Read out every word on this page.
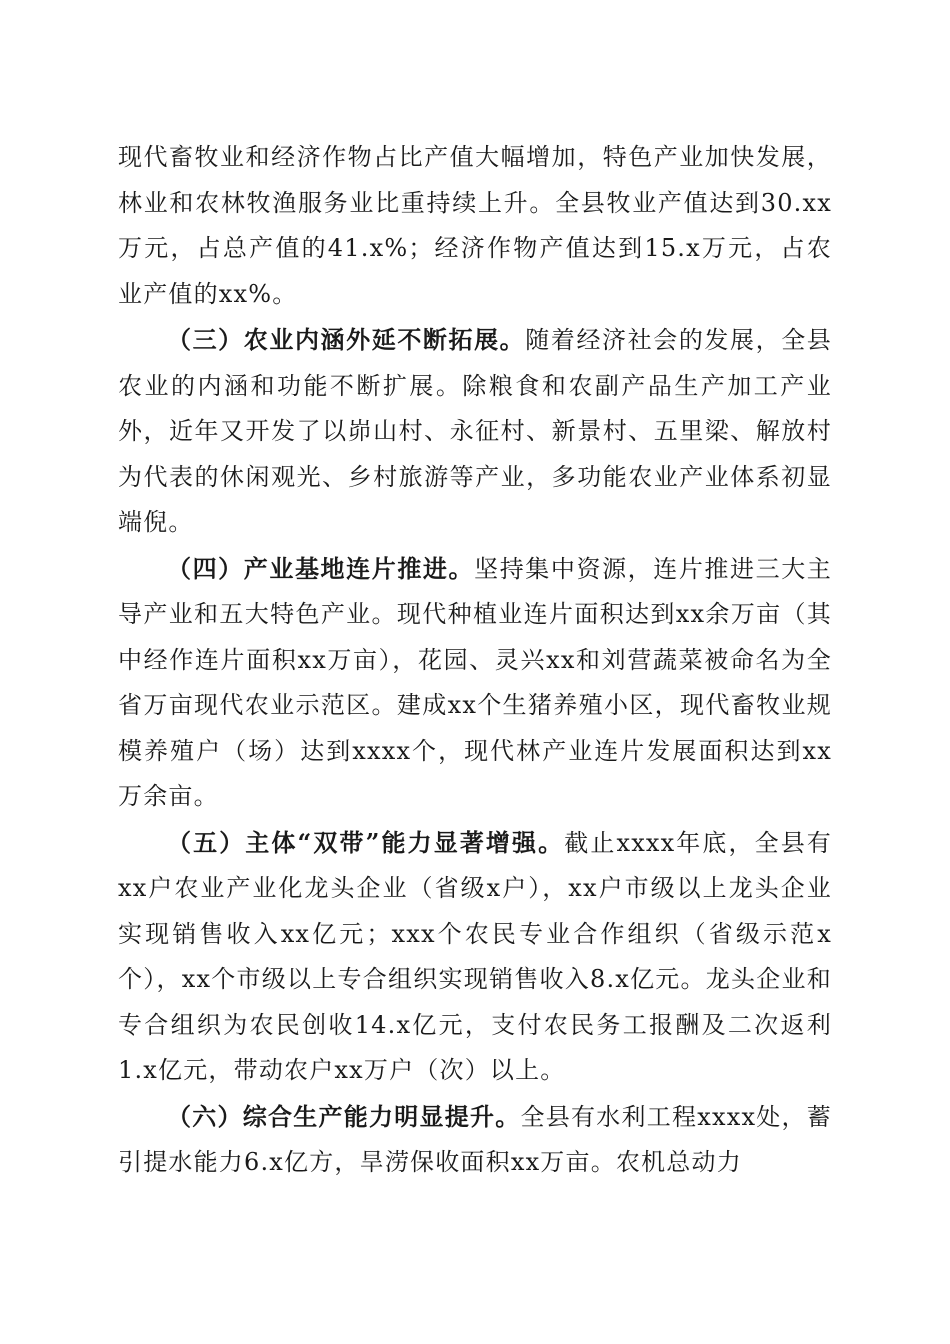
现代畜牧业和经济作物占比产值大幅增加，特色产业加快发展，林业和农林牧渔服务业比重持续上升。全县牧业产值达到30.xx万元，占总产值的41.x%；经济作物产值达到15.x万元，占农业产值的xx%。

（三）农业内涵外延不断拓展。随着经济社会的发展，全县农业的内涵和功能不断扩展。除粮食和农副产品生产加工产业外，近年又开发了以峁山村、永征村、新景村、五里梁、解放村为代表的休闲观光、乡村旅游等产业，多功能农业产业体系初显端倪。

（四）产业基地连片推进。坚持集中资源，连片推进三大主导产业和五大特色产业。现代种植业连片面积达到xx余万亩（其中经作连片面积xx万亩），花园、灵兴xx和刘营蔬菜被命名为全省万亩现代农业示范区。建成xx个生猪养殖小区，现代畜牧业规模养殖户（场）达到xxxx个，现代林产业连片发展面积达到xx万余亩。

（五）主体“双带”能力显著增强。截止xxxx年底，全县有xx户农业产业化龙头企业（省级x户），xx户市级以上龙头企业实现销售收入xx亿元；xxx个农民专业合作组织（省级示范x个），xx个市级以上专合组织实现销售收入8.x亿元。龙头企业和专合组织为农民创收14.x亿元，支付农民务工报酬及二次返利1.x亿元，带动农户xx万户（次）以上。

（六）综合生产能力明显提升。全县有水利工程xxxx处，蓄引提水能力6.x亿方，旱涝保收面积xx万亩。农机总动力
